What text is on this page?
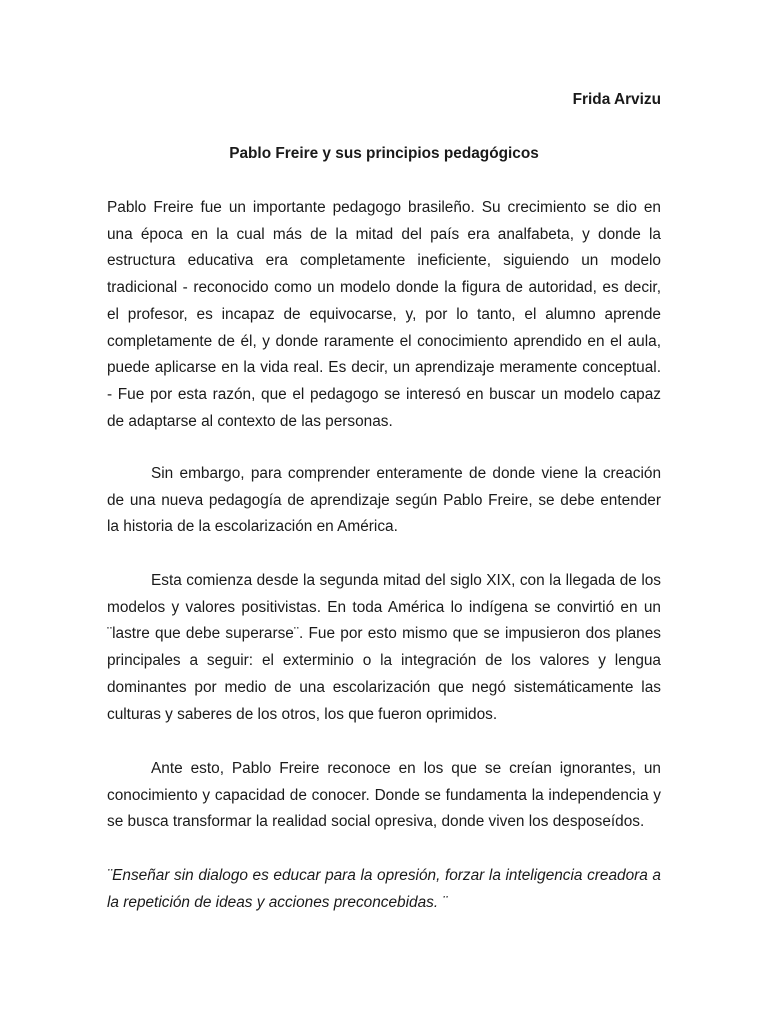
Frida Arvizu
Pablo Freire y sus principios pedagógicos

Pablo Freire fue un importante pedagogo brasileño. Su crecimiento se dio en una época en la cual más de la mitad del país era analfabeta, y donde la estructura educativa era completamente ineficiente, siguiendo un modelo tradicional - reconocido como un modelo donde la figura de autoridad, es decir, el profesor, es incapaz de equivocarse, y, por lo tanto, el alumno aprende completamente de él, y donde raramente el conocimiento aprendido en el aula, puede aplicarse en la vida real. Es decir, un aprendizaje meramente conceptual. - Fue por esta razón, que el pedagogo se interesó en buscar un modelo capaz de adaptarse al contexto de las personas.

Sin embargo, para comprender enteramente de donde viene la creación de una nueva pedagogía de aprendizaje según Pablo Freire, se debe entender la historia de la escolarización en América.

Esta comienza desde la segunda mitad del siglo XIX, con la llegada de los modelos y valores positivistas. En toda América lo indígena se convirtió en un ¨lastre que debe superarse¨. Fue por esto mismo que se impusieron dos planes principales a seguir: el exterminio o la integración de los valores y lengua dominantes por medio de una escolarización que negó sistemáticamente las culturas y saberes de los otros, los que fueron oprimidos.

Ante esto, Pablo Freire reconoce en los que se creían ignorantes, un conocimiento y capacidad de conocer. Donde se fundamenta la independencia y se busca transformar la realidad social opresiva, donde viven los desposeídos.

¨Enseñar sin dialogo es educar para la opresión, forzar la inteligencia creadora a la repetición de ideas y acciones preconcebidas. ¨
